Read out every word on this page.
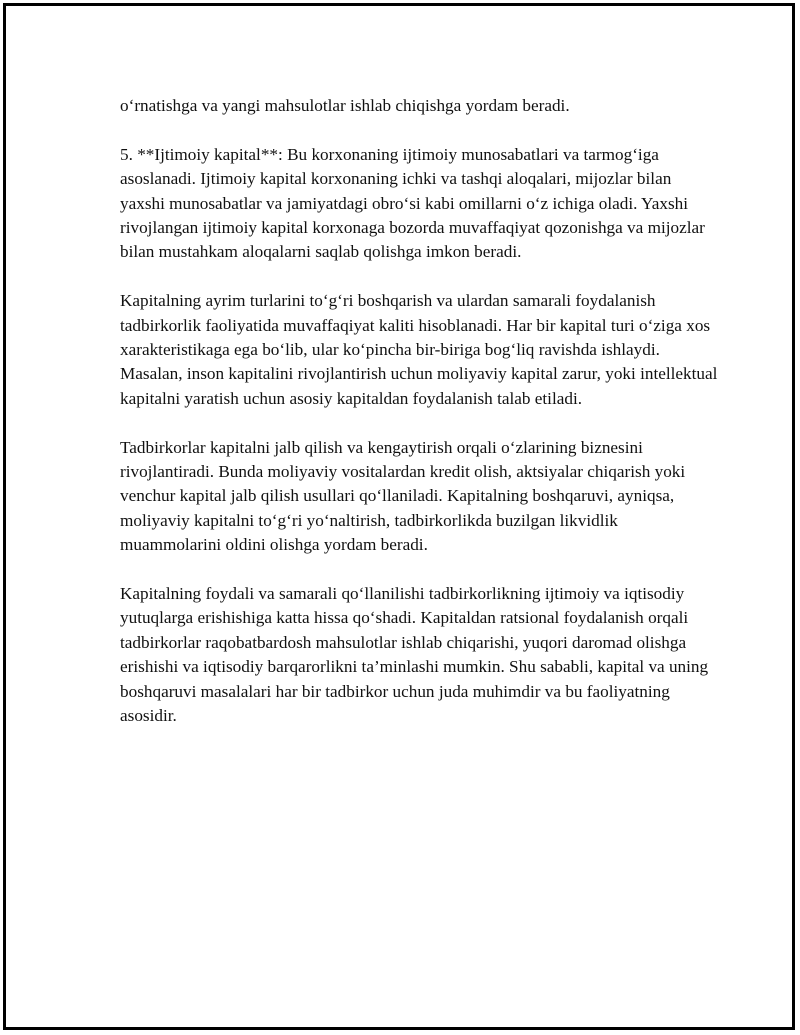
o‘rnatishga va yangi mahsulotlar ishlab chiqishga yordam beradi.

5. **Ijtimoiy kapital**: Bu korxonaning ijtimoiy munosabatlari va tarmog‘iga asoslanadi. Ijtimoiy kapital korxonaning ichki va tashqi aloqalari, mijozlar bilan yaxshi munosabatlar va jamiyatdagi obro‘si kabi omillarni o‘z ichiga oladi. Yaxshi rivojlangan ijtimoiy kapital korxonaga bozorda muvaffaqiyat qozonishga va mijozlar bilan mustahkam aloqalarni saqlab qolishga imkon beradi.

Kapitalning ayrim turlarini to‘g‘ri boshqarish va ulardan samarali foydalanish tadbirkorlik faoliyatida muvaffaqiyat kaliti hisoblanadi. Har bir kapital turi o‘ziga xos xarakteristikaga ega bo‘lib, ular ko‘pincha bir-biriga bog‘liq ravishda ishlaydi. Masalan, inson kapitalini rivojlantirish uchun moliyaviy kapital zarur, yoki intellektual kapitalni yaratish uchun asosiy kapitaldan foydalanish talab etiladi.

Tadbirkorlar kapitalni jalb qilish va kengaytirish orqali o‘zlarining biznesini rivojlantiradi. Bunda moliyaviy vositalardan kredit olish, aktsiyalar chiqarish yoki venchur kapital jalb qilish usullari qo‘llaniladi. Kapitalning boshqaruvi, ayniqsa, moliyaviy kapitalni to‘g‘ri yo‘naltirish, tadbirkorlikda buzilgan likvidlik muammolarini oldini olishga yordam beradi.

Kapitalning foydali va samarali qo‘llanilishi tadbirkorlikning ijtimoiy va iqtisodiy yutuqlarga erishishiga katta hissa qo‘shadi. Kapitaldan ratsional foydalanish orqali tadbirkorlar raqobatbardosh mahsulotlar ishlab chiqarishi, yuqori daromad olishga erishishi va iqtisodiy barqarorlikni ta’minlashi mumkin. Shu sababli, kapital va uning boshqaruvi masalalari har bir tadbirkor uchun juda muhimdir va bu faoliyatning asosidir.
